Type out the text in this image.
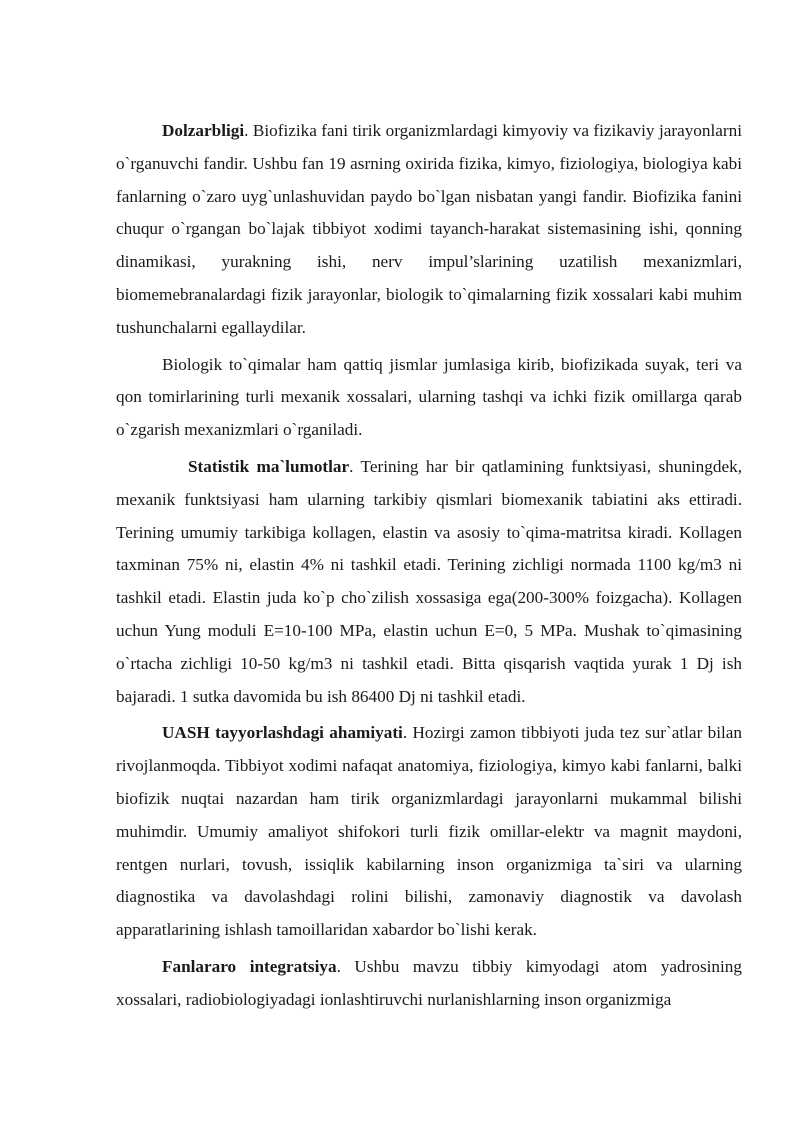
Dolzarbligi. Biofizika fani tirik organizmlardagi kimyoviy va fizikaviy jarayonlarni o`rganuvchi fandir. Ushbu fan 19 asrning oxirida fizika, kimyo, fiziologiya, biologiya kabi fanlarning o`zaro uyg`unlashuvidan paydo bo`lgan nisbatan yangi fandir. Biofizika fanini chuqur o`rgangan bo`lajak tibbiyot xodimi tayanch-harakat sistemasining ishi, qonning dinamikasi, yurakning ishi, nerv impul’slarining uzatilish mexanizmlari, biomemebranalardagi fizik jarayonlar, biologik to`qimalarning fizik xossalari kabi muhim tushunchalarni egallaydilar.

Biologik to`qimalar ham qattiq jismlar jumlasiga kirib, biofizikada suyak, teri va qon tomirlarining turli mexanik xossalari, ularning tashqi va ichki fizik omillarga qarab o`zgarish mexanizmlari o`rganiladi.

Statistik ma`lumotlar. Terining har bir qatlamining funktsiyasi, shuningdek, mexanik funktsiyasi ham ularning tarkibiy qismlari biomexanik tabiatini aks ettiradi. Terining umumiy tarkibiga kollagen, elastin va asosiy to`qima-matritsa kiradi. Kollagen taxminan 75% ni, elastin 4% ni tashkil etadi. Terining zichligi normada 1100 kg/m3 ni tashkil etadi. Elastin juda ko`p cho`zilish xossasiga ega(200-300% foizgacha). Kollagen uchun Yung moduli E=10-100 MPa, elastin uchun E=0, 5 MPa. Mushak to`qimasining o`rtacha zichligi 10-50 kg/m3 ni tashkil etadi. Bitta qisqarish vaqtida yurak 1 Dj ish bajaradi. 1 sutka davomida bu ish 86400 Dj ni tashkil etadi.

UASH tayyorlashdagi ahamiyati. Hozirgi zamon tibbiyoti juda tez sur`atlar bilan rivojlanmoqda. Tibbiyot xodimi nafaqat anatomiya, fiziologiya, kimyo kabi fanlarni, balki biofizik nuqtai nazardan ham tirik organizmlardagi jarayonlarni mukammal bilishi muhimdir. Umumiy amaliyot shifokori turli fizik omillar-elektr va magnit maydoni, rentgen nurlari, tovush, issiqlik kabilarning inson organizmiga ta`siri va ularning diagnostika va davolashdagi rolini bilishi, zamonaviy diagnostik va davolash apparatlarining ishlash tamoillaridan xabardor bo`lishi kerak.

Fanlararo integratsiya. Ushbu mavzu tibbiy kimyodagi atom yadrosining xossalari, radiobiologiyadagi ionlashtiruvchi nurlanishlarning inson organizmiga
